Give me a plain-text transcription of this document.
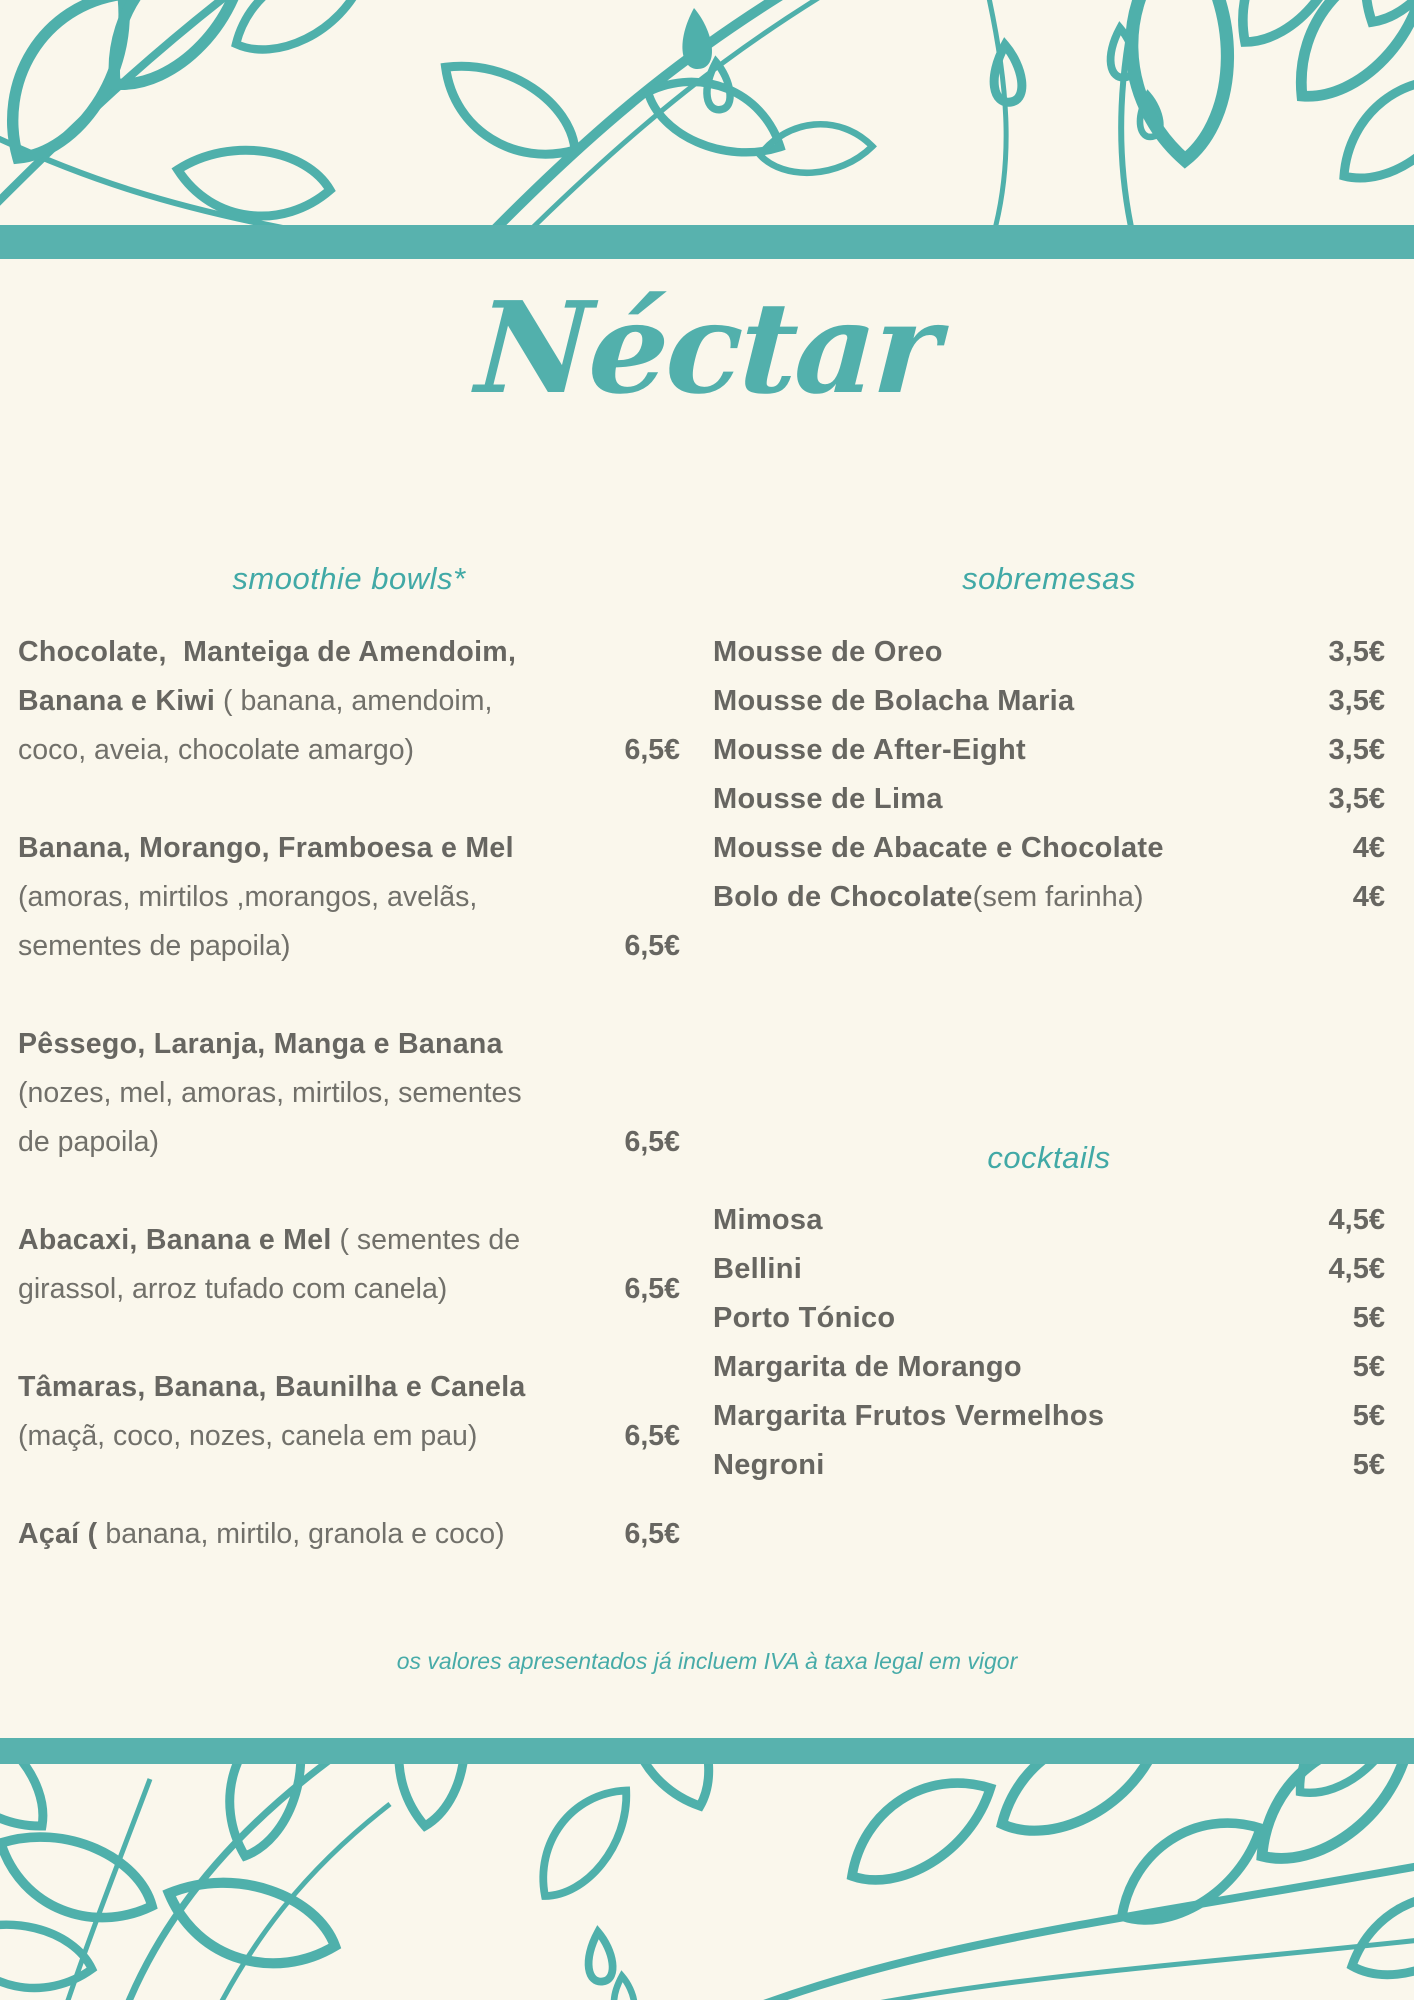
Néctar
smoothie bowls*
Chocolate,  Manteiga de Amendoim, Banana e Kiwi ( banana, amendoim, coco, aveia, chocolate amargo)	6,5€
Banana, Morango, Framboesa e Mel (amoras, mirtilos ,morangos, avelãs, sementes de papoila)	6,5€
Pêssego, Laranja, Manga e Banana (nozes, mel, amoras, mirtilos, sementes de papoila)	6,5€
Abacaxi, Banana e Mel ( sementes de girassol, arroz tufado com canela)	6,5€
Tâmaras, Banana, Baunilha e Canela (maçã, coco, nozes, canela em pau)	6,5€
Açaí ( banana, mirtilo, granola e coco)	6,5€
sobremesas
Mousse de Oreo	3,5€
Mousse de Bolacha Maria	3,5€
Mousse de After-Eight	3,5€
Mousse de Lima	3,5€
Mousse de Abacate e Chocolate	4€
Bolo de Chocolate (sem farinha)	4€
cocktails
Mimosa	4,5€
Bellini	4,5€
Porto Tónico	5€
Margarita de Morango	5€
Margarita Frutos Vermelhos	5€
Negroni	5€
os valores apresentados já incluem IVA à taxa legal em vigor
